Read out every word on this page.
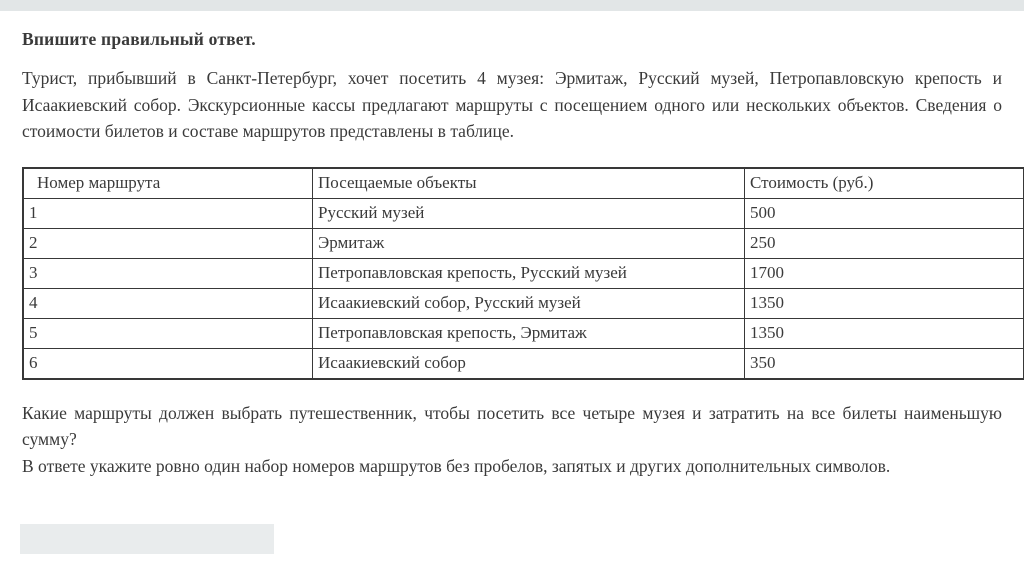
Впишите правильный ответ.

Турист, прибывший в Санкт-Петербург, хочет посетить 4 музея: Эрмитаж, Русский музей, Петропавловскую крепость и Исаакиевский собор. Экскурсионные кассы предлагают маршруты с посещением одного или нескольких объектов. Сведения о стоимости билетов и составе маршрутов представлены в таблице.

Номер маршрута	Посещаемые объекты	Стоимость (руб.)
1	Русский музей	500
2	Эрмитаж	250
3	Петропавловская крепость, Русский музей	1700
4	Исаакиевский собор, Русский музей	1350
5	Петропавловская крепость, Эрмитаж	1350
6	Исаакиевский собор	350

Какие маршруты должен выбрать путешественник, чтобы посетить все четыре музея и затратить на все билеты наименьшую сумму?

В ответе укажите ровно один набор номеров маршрутов без пробелов, запятых и других дополнительных символов.
